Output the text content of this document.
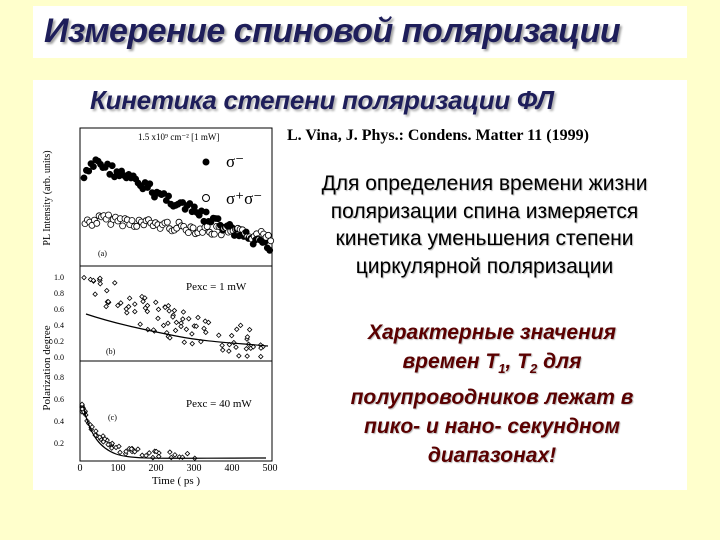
Измерение спиновой поляризации
Кинетика степени поляризации ФЛ
PL Intensity (arb. units)
Polarization degree
1.5 x10⁹ cm⁻² [1 mW]
σ⁻
σ⁺σ⁻
(a)
1.0
0.8
0.6
0.4
0.2
0.0
Pexc = 1 mW
(b)
0.8
0.6
0.4
0.2
Pexc = 40 mW
(c)
0	100 200 300 400 500
Time ( ps )
L. Vina, J. Phys.: Condens. Matter 11 (1999)
Для определения времени жизни поляризации спина измеряется кинетика уменьшения степени циркулярной поляризации
Характерные значения
времен $T_1$, $T_2$ для
полупроводников лежат в
пико- и нано- секундном
диапазонах!
